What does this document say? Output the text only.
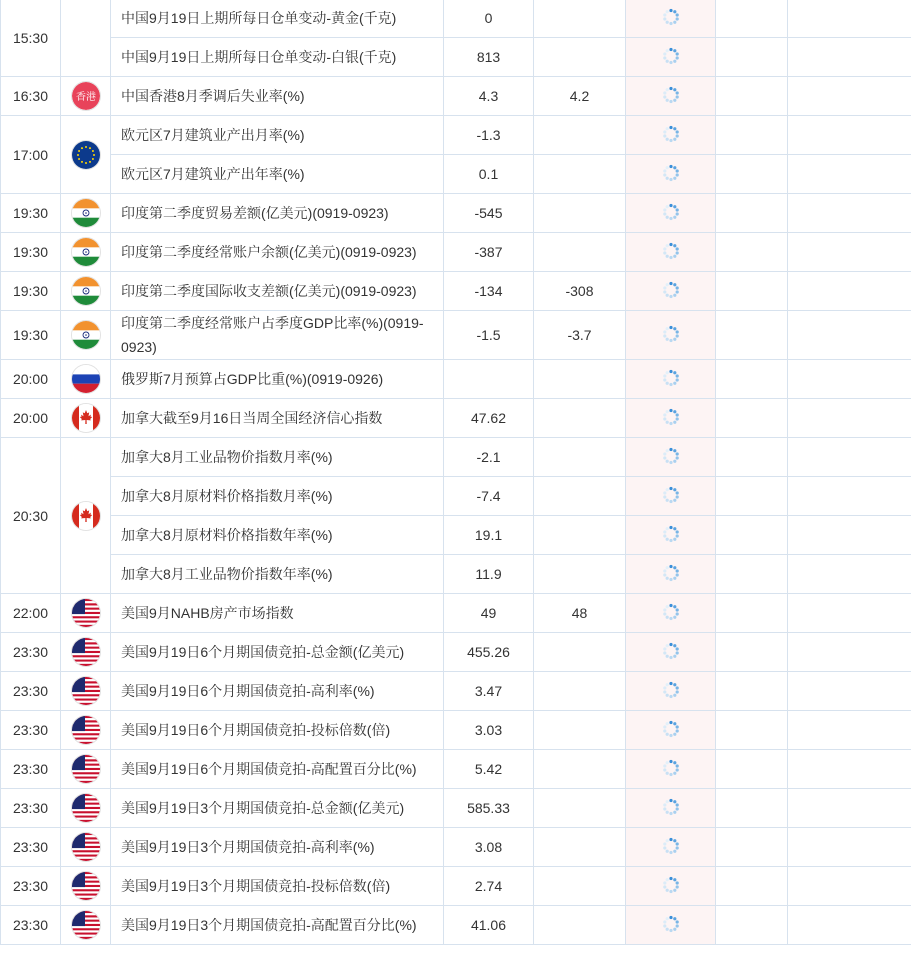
15:30		中国9月19日上期所每日仓单变动-黄金(千克)	0				
		中国9月19日上期所每日仓单变动-白银(千克)	813				
16:30	香港	中国香港8月季调后失业率(%)	4.3	4.2			
17:00		欧元区7月建筑业产出月率(%)	-1.3				
		欧元区7月建筑业产出年率(%)	0.1				
19:30		印度第二季度贸易差额(亿美元)(0919-0923)	-545				
19:30		印度第二季度经常账户余额(亿美元)(0919-0923)	-387				
19:30		印度第二季度国际收支差额(亿美元)(0919-0923)	-134	-308			
19:30		印度第二季度经常账户占季度GDP比率(%)(0919-0923)	-1.5	-3.7			
20:00		俄罗斯7月预算占GDP比重(%)(0919-0926)					
20:00		加拿大截至9月16日当周全国经济信心指数	47.62				
20:30		加拿大8月工业品物价指数月率(%)	-2.1				
		加拿大8月原材料价格指数月率(%)	-7.4				
		加拿大8月原材料价格指数年率(%)	19.1				
		加拿大8月工业品物价指数年率(%)	11.9				
22:00		美国9月NAHB房产市场指数	49	48			
23:30		美国9月19日6个月期国债竞拍-总金额(亿美元)	455.26				
23:30		美国9月19日6个月期国债竞拍-高利率(%)	3.47				
23:30		美国9月19日6个月期国债竞拍-投标倍数(倍)	3.03				
23:30		美国9月19日6个月期国债竞拍-高配置百分比(%)	5.42				
23:30		美国9月19日3个月期国债竞拍-总金额(亿美元)	585.33				
23:30		美国9月19日3个月期国债竞拍-高利率(%)	3.08				
23:30		美国9月19日3个月期国债竞拍-投标倍数(倍)	2.74				
23:30		美国9月19日3个月期国债竞拍-高配置百分比(%)	41.06				
